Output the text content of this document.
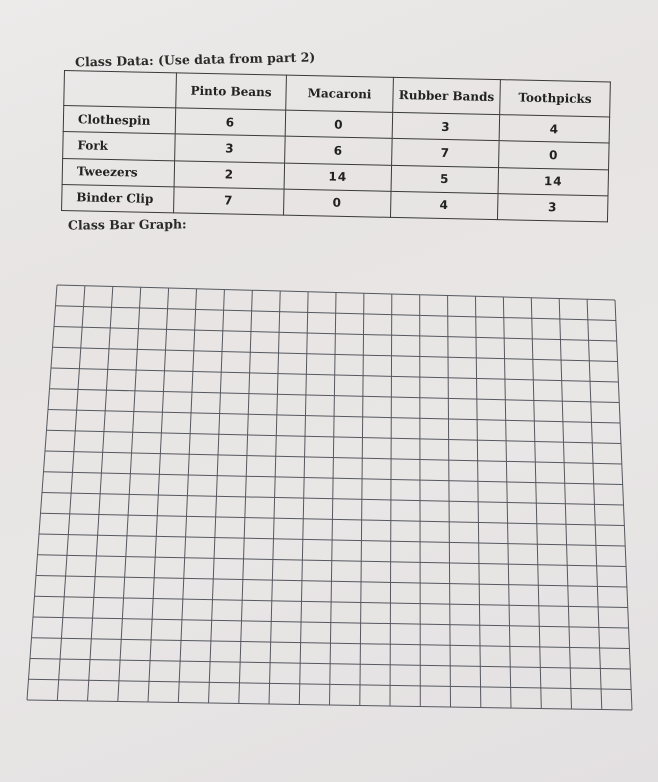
Class Data: (Use data from part 2)
	Pinto Beans	Macaroni	Rubber Bands	Toothpicks
Clothespin	6	0	3	4
Fork	3	6	7	0
Tweezers	2	14	5	14
Binder Clip	7	0	4	3
Class Bar Graph:
